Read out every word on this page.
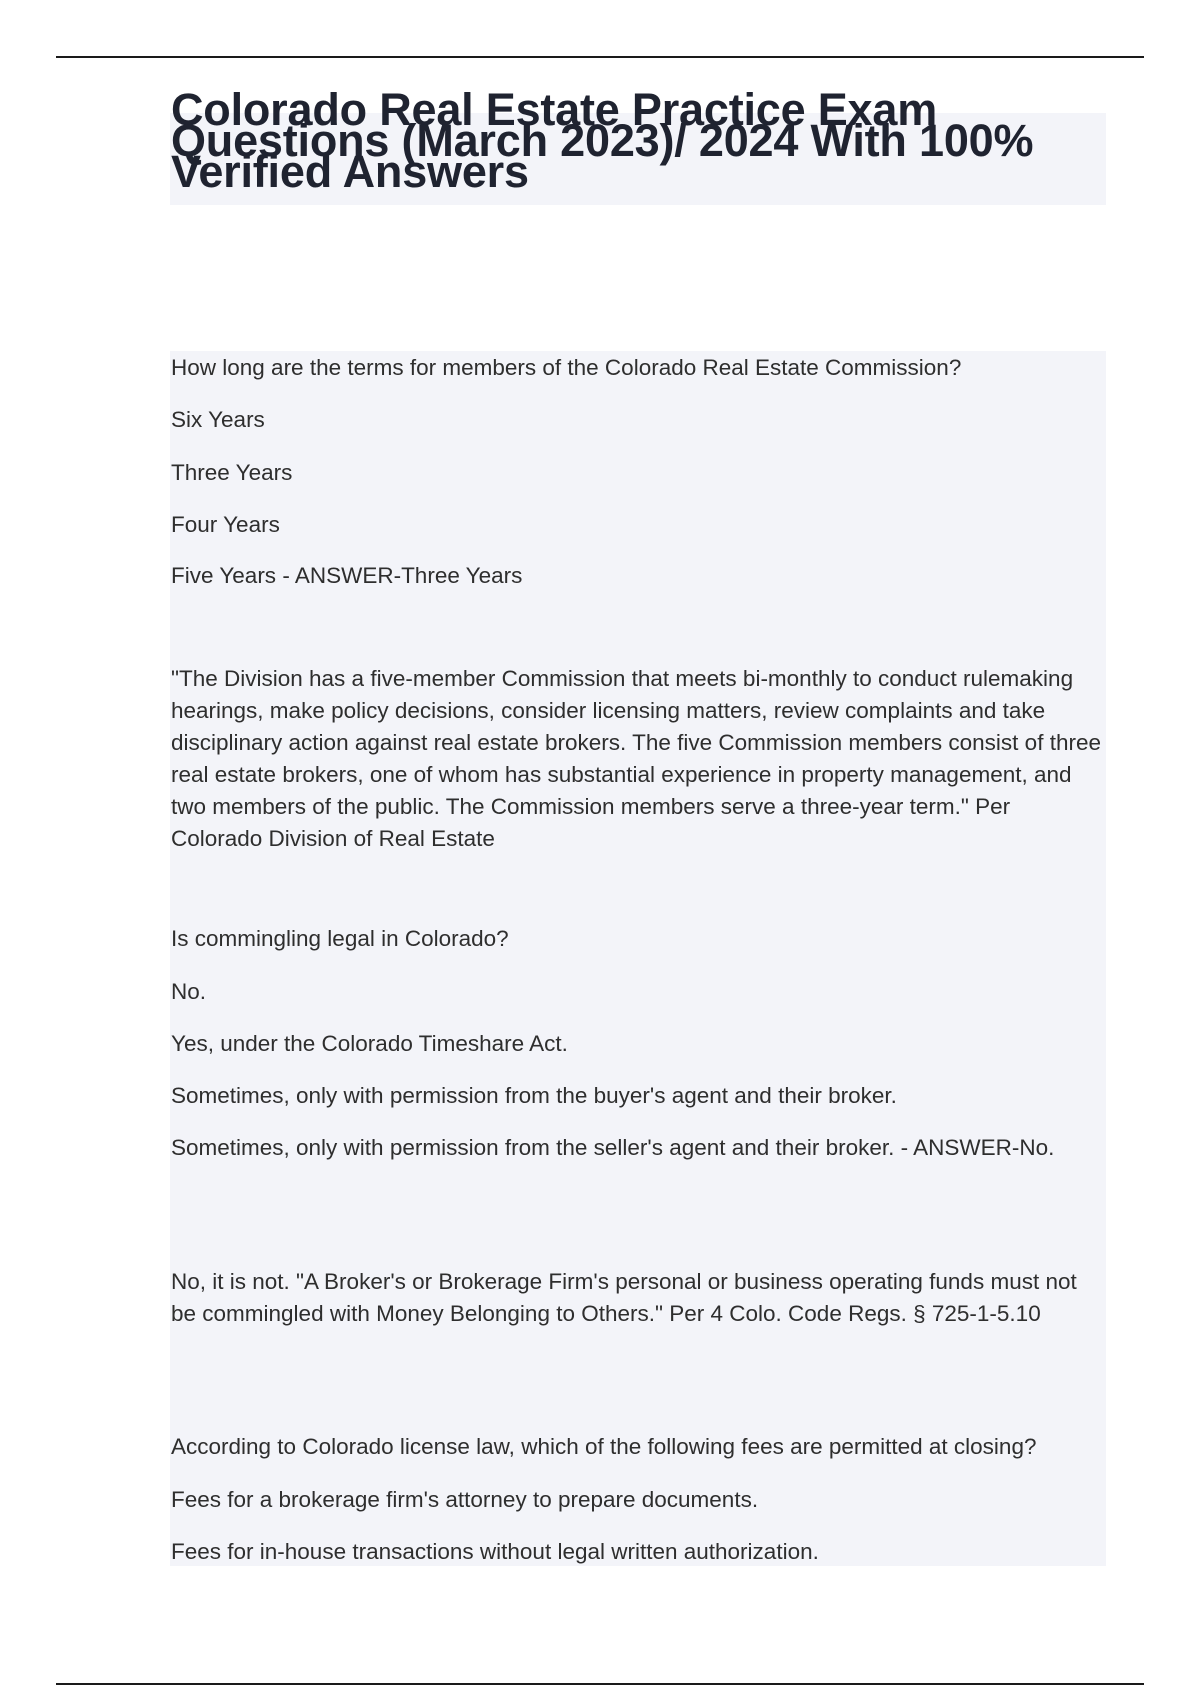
Colorado Real Estate Practice Exam Questions (March 2023)/ 2024 With 100% Verified Answers

How long are the terms for members of the Colorado Real Estate Commission?

Six Years

Three Years

Four Years

Five Years - ANSWER-Three Years

"The Division has a five-member Commission that meets bi-monthly to conduct rulemaking hearings, make policy decisions, consider licensing matters, review complaints and take disciplinary action against real estate brokers. The five Commission members consist of three real estate brokers, one of whom has substantial experience in property management, and two members of the public. The Commission members serve a three-year term." Per Colorado Division of Real Estate

Is commingling legal in Colorado?

No.

Yes, under the Colorado Timeshare Act.

Sometimes, only with permission from the buyer's agent and their broker.

Sometimes, only with permission from the seller's agent and their broker. - ANSWER-No.

No, it is not. "A Broker's or Brokerage Firm's personal or business operating funds must not be commingled with Money Belonging to Others." Per 4 Colo. Code Regs. § 725-1-5.10

According to Colorado license law, which of the following fees are permitted at closing?

Fees for a brokerage firm's attorney to prepare documents.

Fees for in-house transactions without legal written authorization.
